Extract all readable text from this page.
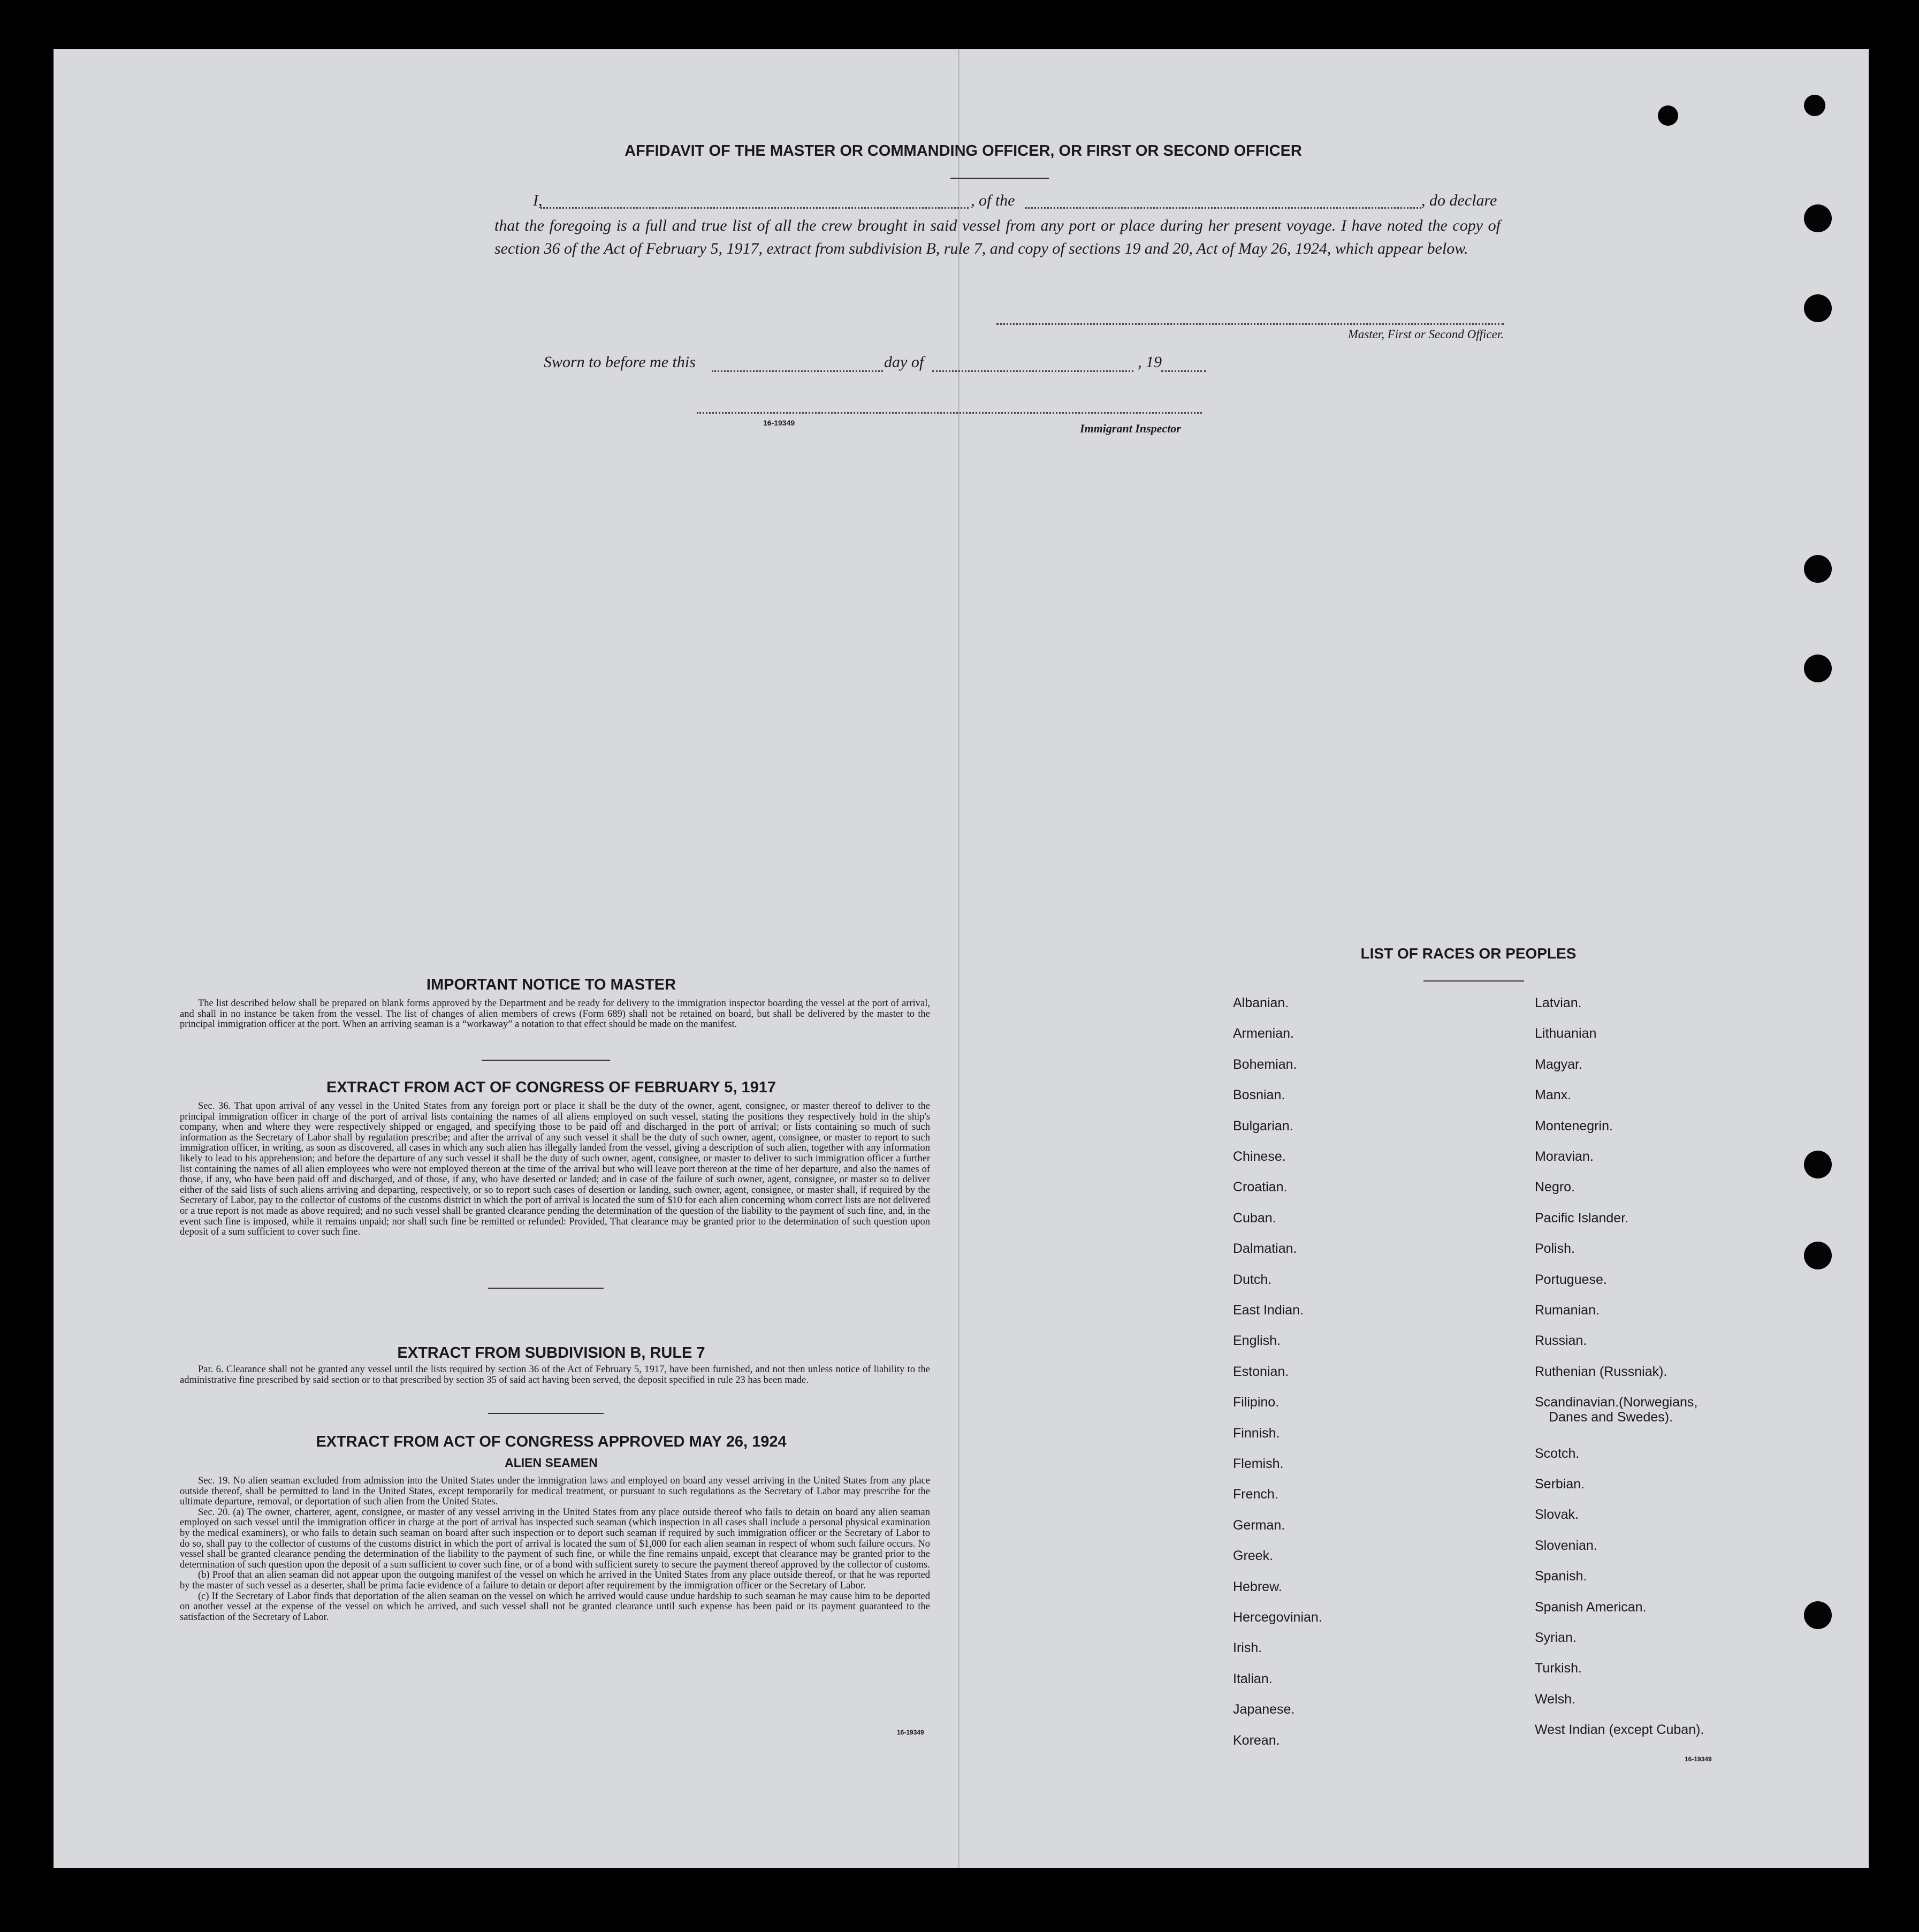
AFFIDAVIT OF THE MASTER OR COMMANDING OFFICER, OR FIRST OR SECOND OFFICER
I,	, of the	, do declare
that the foregoing is a full and true list of all the crew brought in said vessel from any port or place during her present voyage. I have noted the copy of section 36 of the Act of February 5, 1917, extract from subdivision B, rule 7, and copy of sections 19 and 20, Act of May 26, 1924, which appear below.
Master, First or Second Officer.
Sworn to before me this	day of	, 19
16-19349	Immigrant Inspector
IMPORTANT NOTICE TO MASTER

The list described below shall be prepared on blank forms approved by the Department and be ready for delivery to the immigration inspector boarding the vessel at the port of arrival, and shall in no instance be taken from the vessel. The list of changes of alien members of crews (Form 689) shall not be retained on board, but shall be delivered by the master to the principal immigration officer at the port. When an arriving seaman is a “workaway” a notation to that effect should be made on the manifest.

EXTRACT FROM ACT OF CONGRESS OF FEBRUARY 5, 1917

Sec. 36. That upon arrival of any vessel in the United States from any foreign port or place it shall be the duty of the owner, agent, consignee, or master thereof to deliver to the principal immigration officer in charge of the port of arrival lists containing the names of all aliens employed on such vessel, stating the positions they respectively hold in the ship's company, when and where they were respectively shipped or engaged, and specifying those to be paid off and discharged in the port of arrival; or lists containing so much of such information as the Secretary of Labor shall by regulation prescribe; and after the arrival of any such vessel it shall be the duty of such owner, agent, consignee, or master to report to such immigration officer, in writing, as soon as discovered, all cases in which any such alien has illegally landed from the vessel, giving a description of such alien, together with any information likely to lead to his apprehension; and before the departure of any such vessel it shall be the duty of such owner, agent, consignee, or master to deliver to such immigration officer a further list containing the names of all alien employees who were not employed thereon at the time of the arrival but who will leave port thereon at the time of her departure, and also the names of those, if any, who have been paid off and discharged, and of those, if any, who have deserted or landed; and in case of the failure of such owner, agent, consignee, or master so to deliver either of the said lists of such aliens arriving and departing, respectively, or so to report such cases of desertion or landing, such owner, agent, consignee, or master shall, if required by the Secretary of Labor, pay to the collector of customs of the customs district in which the port of arrival is located the sum of $10 for each alien concerning whom correct lists are not delivered or a true report is not made as above required; and no such vessel shall be granted clearance pending the determination of the question of the liability to the payment of such fine, and, in the event such fine is imposed, while it remains unpaid; nor shall such fine be remitted or refunded: Provided, That clearance may be granted prior to the determination of such question upon deposit of a sum sufficient to cover such fine.

EXTRACT FROM SUBDIVISION B, RULE 7

Par. 6. Clearance shall not be granted any vessel until the lists required by section 36 of the Act of February 5, 1917, have been furnished, and not then unless notice of liability to the administrative fine prescribed by said section or to that prescribed by section 35 of said act having been served, the deposit specified in rule 23 has been made.

EXTRACT FROM ACT OF CONGRESS APPROVED MAY 26, 1924
ALIEN SEAMEN

Sec. 19. No alien seaman excluded from admission into the United States under the immigration laws and employed on board any vessel arriving in the United States from any place outside thereof, shall be permitted to land in the United States, except temporarily for medical treatment, or pursuant to such regulations as the Secretary of Labor may prescribe for the ultimate departure, removal, or deportation of such alien from the United States.

Sec. 20. (a) The owner, charterer, agent, consignee, or master of any vessel arriving in the United States from any place outside thereof who fails to detain on board any alien seaman employed on such vessel until the immigration officer in charge at the port of arrival has inspected such seaman (which inspection in all cases shall include a personal physical examination by the medical examiners), or who fails to detain such seaman on board after such inspection or to deport such seaman if required by such immigration officer or the Secretary of Labor to do so, shall pay to the collector of customs of the customs district in which the port of arrival is located the sum of $1,000 for each alien seaman in respect of whom such failure occurs. No vessel shall be granted clearance pending the determination of the liability to the payment of such fine, or while the fine remains unpaid, except that clearance may be granted prior to the determination of such question upon the deposit of a sum sufficient to cover such fine, or of a bond with sufficient surety to secure the payment thereof approved by the collector of customs.

(b) Proof that an alien seaman did not appear upon the outgoing manifest of the vessel on which he arrived in the United States from any place outside thereof, or that he was reported by the master of such vessel as a deserter, shall be prima facie evidence of a failure to detain or deport after requirement by the immigration officer or the Secretary of Labor.

(c) If the Secretary of Labor finds that deportation of the alien seaman on the vessel on which he arrived would cause undue hardship to such seaman he may cause him to be deported on another vessel at the expense of the vessel on which he arrived, and such vessel shall not be granted clearance until such expense has been paid or its payment guaranteed to the satisfaction of the Secretary of Labor.

16-19349
LIST OF RACES OR PEOPLES
Albanian.
Armenian.
Bohemian.
Bosnian.
Bulgarian.
Chinese.
Croatian.
Cuban.
Dalmatian.
Dutch.
East Indian.
English.
Estonian.
Filipino.
Finnish.
Flemish.
French.
German.
Greek.
Hebrew.
Hercegovinian.
Irish.
Italian.
Japanese.
Korean.
Latvian.
Lithuanian
Magyar.
Manx.
Montenegrin.
Moravian.
Negro.
Pacific Islander.
Polish.
Portuguese.
Rumanian.
Russian.
Ruthenian (Russniak).
Scandinavian.(Norwegians,
Danes and Swedes).
Scotch.
Serbian.
Slovak.
Slovenian.
Spanish.
Spanish American.
Syrian.
Turkish.
Welsh.
West Indian (except Cuban).
16-19349
